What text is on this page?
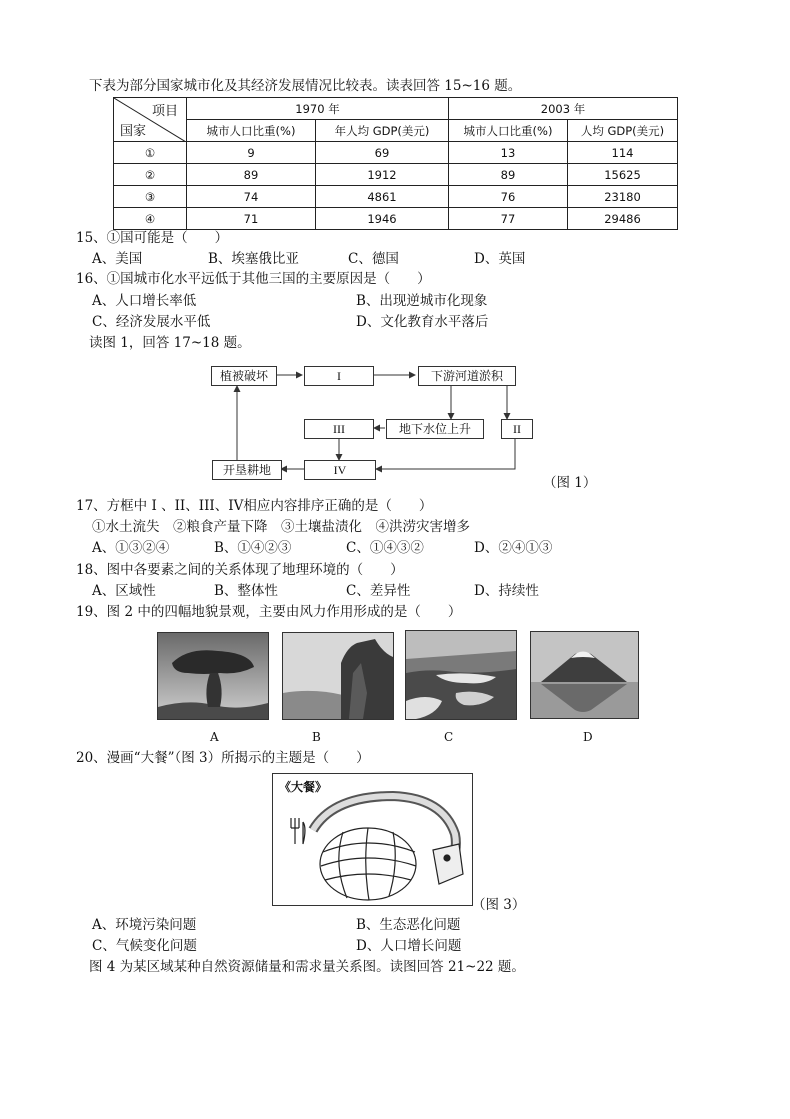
下表为部分国家城市化及其经济发展情况比较表。读表回答 15~16 题。
项目
国家	1970 年		2003 年	
	城市人口比重(%)	年人均 GDP(美元)	城市人口比重(%)	人均 GDP(美元)
①	9	69	13	114
②	89	1912	89	15625
③	74	4861	76	23180
④	71	1946	77	29486
15、①国可能是（　　）
A、美国	B、埃塞俄比亚	C、德国	D、英国
16、①国城市化水平远低于其他三国的主要原因是（　　）
A、人口增长率低	B、出现逆城市化现象
C、经济发展水平低	D、文化教育水平落后
读图 1，回答 17~18 题。
植被破坏	I	下游河道淤积
II
地下水位上升
III
IV
开垦耕地
（图 1）
17、方框中 I 、II、III、IV相应内容排序正确的是（　　）
①水土流失　②粮食产量下降　③土壤盐渍化　④洪涝灾害增多
A、①③②④	B、①④②③	C、①④③②	D、②④①③
18、图中各要素之间的关系体现了地理环境的（　　）
A、区域性	B、整体性	C、差异性	D、持续性
19、图 2 中的四幅地貌景观，主要由风力作用形成的是（　　）
A	B	C	D
20、漫画“大餐”（图 3）所揭示的主题是（　　）
《大餐》
（图 3）
A、环境污染问题	B、生态恶化问题
C、气候变化问题	D、人口增长问题
图 4 为某区域某种自然资源储量和需求量关系图。读图回答 21~22 题。
